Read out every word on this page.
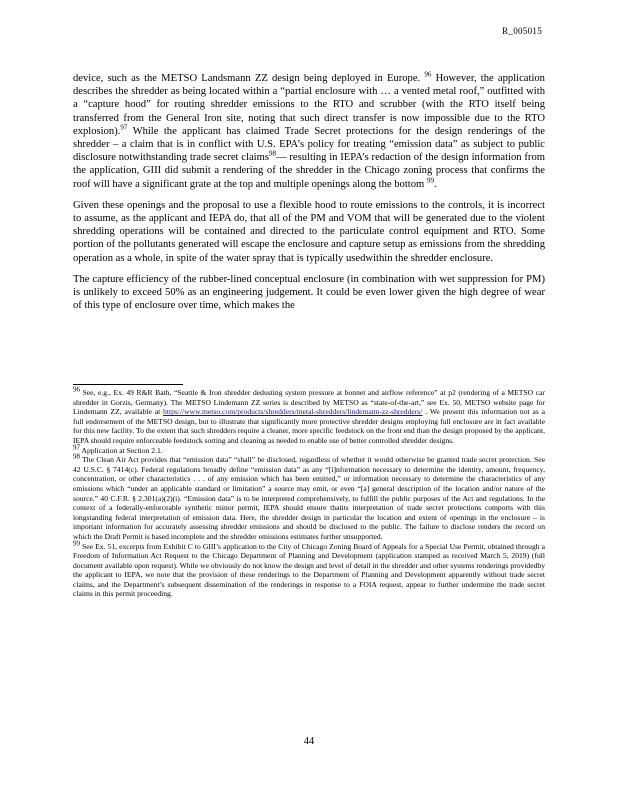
R_005015

device, such as the METSO Landsmann ZZ design being deployed in Europe. $^{96}$ However, the application describes the shredder as being located within a “partial enclosure with … a vented metal roof,” outfitted with a “capture hood” for routing shredder emissions to the RTO and scrubber (with the RTO itself being transferred from the General Iron site, noting that such direct transfer is now impossible due to the RTO explosion).$^{97}$ While the applicant has claimed Trade Secret protections for the design renderings of the shredder – a claim that is in conflict with U.S. EPA’s policy for treating “emission data” as subject to public disclosure notwithstanding trade secret claims$^{98}$— resulting in IEPA’s redaction of the design information from the application, GIII did submit a rendering of the shredder in the Chicago zoning process that confirms the roof will have a significant grate at the top and multiple openings along the bottom $^{99}$.

Given these openings and the proposal to use a flexible hood to route emissions to the controls, it is incorrect to assume, as the applicant and IEPA do, that all of the PM and VOM that will be generated due to the violent shredding operations will be contained and directed to the particulate control equipment and RTO. Some portion of the pollutants generated will escape the enclosure and capture setup as emissions from the shredding operation as a whole, in spite of the water spray that is typically usedwithin the shredder enclosure.

The capture efficiency of the rubber-lined conceptual enclosure (in combination with wet suppression for PM) is unlikely to exceed 50% as an engineering judgement. It could be even lower given the high degree of wear of this type of enclosure over time, which makes the

$^{96}$ See, e.g., Ex. 49 R&R Bath, “Seattle & Iron shredder dedusting system pressure at bonnet and airflow reference” at p2 (rendering of a METSO car shredder in Gorzis, Germany). The METSO Lindemann ZZ series is described by METSO as “state-of-the-art,” see Ex. 50, METSO website page for Lindemann ZZ, available at https://www.metso.com/products/shredders/metal-shredders/lindemann-zz-shredders/ . We present this information not as a full endorsement of the METSO design, but to illustrate that significantly more protective shredder designs employing full enclosure are in fact available for this new facility. To the extent that such shredders require a cleaner, more specific feedstock on the front end than the design proposed by the applicant, IEPA should require enforceable feedstock sorting and cleaning as needed to enable use of better controlled shredder designs.

$^{97}$ Application at Section 2.1.

$^{98}$ The Clean Air Act provides that “emission data” “shall” be disclosed, regardless of whether it would otherwise be granted trade secret protection. See 42 U.S.C. § 7414(c). Federal regulations broadly define “emission data” as any “[i]nformation necessary to determine the identity, amount, frequency, concentration, or other characteristics . . . of any emission which has been emitted,” or information necessary to determine the characteristics of any emissions which “under an applicable standard or limitation” a source may emit, or even “[a] general description of the location and/or nature of the source.” 40 C.F.R. § 2.301(a)(2)(i). “Emission data” is to be interpreted comprehensively, to fulfill the public purposes of the Act and regulations. In the context of a federally-enforceable synthetic minor permit, IEPA should ensure thatits interpretation of trade secret protections comports with this longstanding federal interpretation of emission data. Here, the shredder design in particular the location and extent of openings in the enclosure – is important information for accurately assessing shredder emissions and should be disclosed to the public. The failure to disclose renders the record on which the Draft Permit is based incomplete and the shredder emissions estimates further unsupported.

$^{99}$ See Ex. 51, excerpts from Exhibit C to GIII’s application to the City of Chicago Zoning Board of Appeals for a Special Use Permit, obtained through a Freedom of Information Act Request to the Chicago Department of Planning and Development (application stamped as received March 5, 2019) (full document available upon request). While we obviously do not know the design and level of detail in the shredder and other systems renderings providedby the applicant to IEPA, we note that the provision of these renderings to the Department of Planning and Development apparently without trade secret claims, and the Department’s subsequent dissemination of the renderings in response to a FOIA request, appear to further undermine the trade secret claims in this permit proceeding.

44
